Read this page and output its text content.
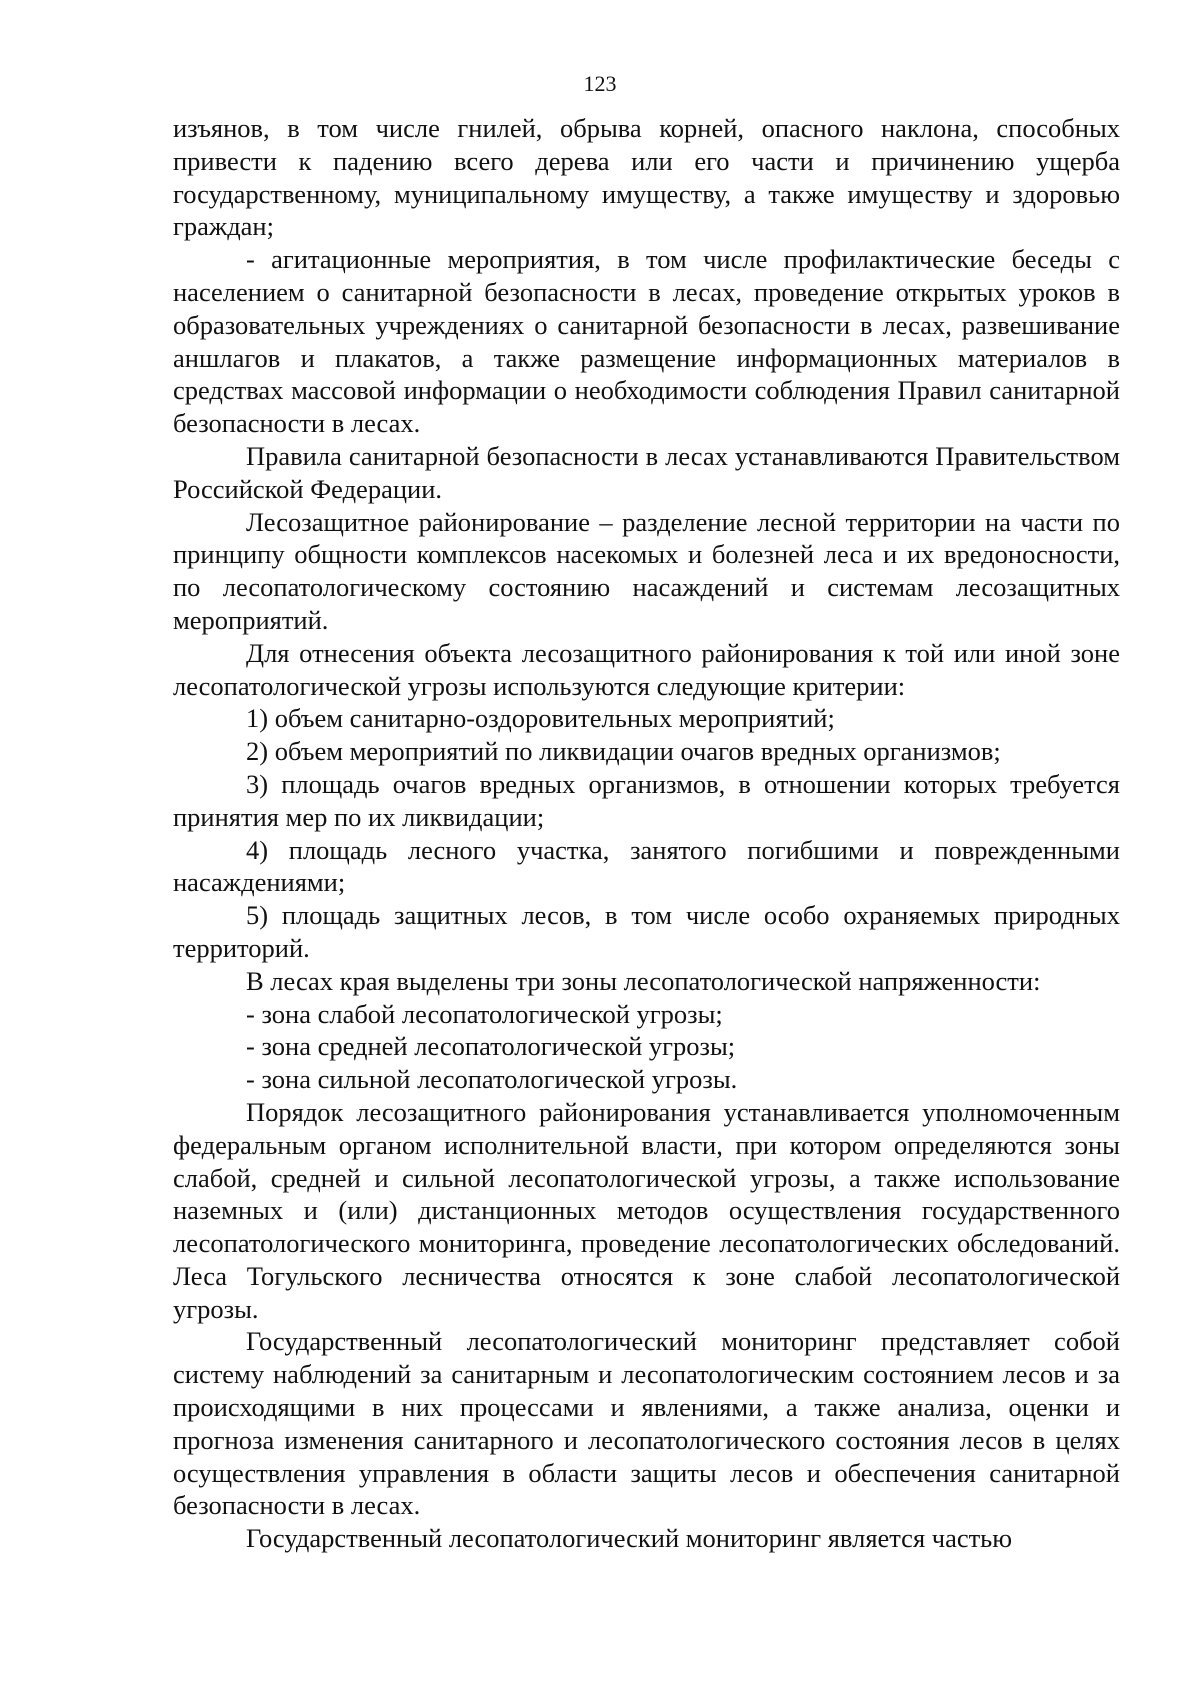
123

изъянов, в том числе гнилей, обрыва корней, опасного наклона, способных привести к падению всего дерева или его части и причинению ущерба государственному, муниципальному имуществу, а также имуществу и здоровью граждан;

- агитационные мероприятия, в том числе профилактические беседы с населением о санитарной безопасности в лесах, проведение открытых уроков в образовательных учреждениях о санитарной безопасности в лесах, развешивание аншлагов и плакатов, а также размещение информационных материалов в средствах массовой информации о необходимости соблюдения Правил санитарной безопасности в лесах.

Правила санитарной безопасности в лесах устанавливаются Правительством Российской Федерации.

Лесозащитное районирование – разделение лесной территории на части по принципу общности комплексов насекомых и болезней леса и их вредоносности, по лесопатологическому состоянию насаждений и системам лесозащитных мероприятий.

Для отнесения объекта лесозащитного районирования к той или иной зоне лесопатологической угрозы используются следующие критерии:

1) объем санитарно-оздоровительных мероприятий;

2) объем мероприятий по ликвидации очагов вредных организмов;

3) площадь очагов вредных организмов, в отношении которых требуется принятия мер по их ликвидации;

4) площадь лесного участка, занятого погибшими и поврежденными насаждениями;

5) площадь защитных лесов, в том числе особо охраняемых природных территорий.

В лесах края выделены три зоны лесопатологической напряженности:

- зона слабой лесопатологической угрозы;

- зона средней лесопатологической угрозы;

- зона сильной лесопатологической угрозы.

Порядок лесозащитного районирования устанавливается уполномоченным федеральным органом исполнительной власти, при котором определяются зоны слабой, средней и сильной лесопатологической угрозы, а также использование наземных и (или) дистанционных методов осуществления государственного лесопатологического мониторинга, проведение лесопатологических обследований. Леса Тогульского лесничества относятся к зоне слабой лесопатологической угрозы.

Государственный лесопатологический мониторинг представляет собой систему наблюдений за санитарным и лесопатологическим состоянием лесов и за происходящими в них процессами и явлениями, а также анализа, оценки и прогноза изменения санитарного и лесопатологического состояния лесов в целях осуществления управления в области защиты лесов и обеспечения санитарной безопасности в лесах.

Государственный лесопатологический мониторинг является частью
